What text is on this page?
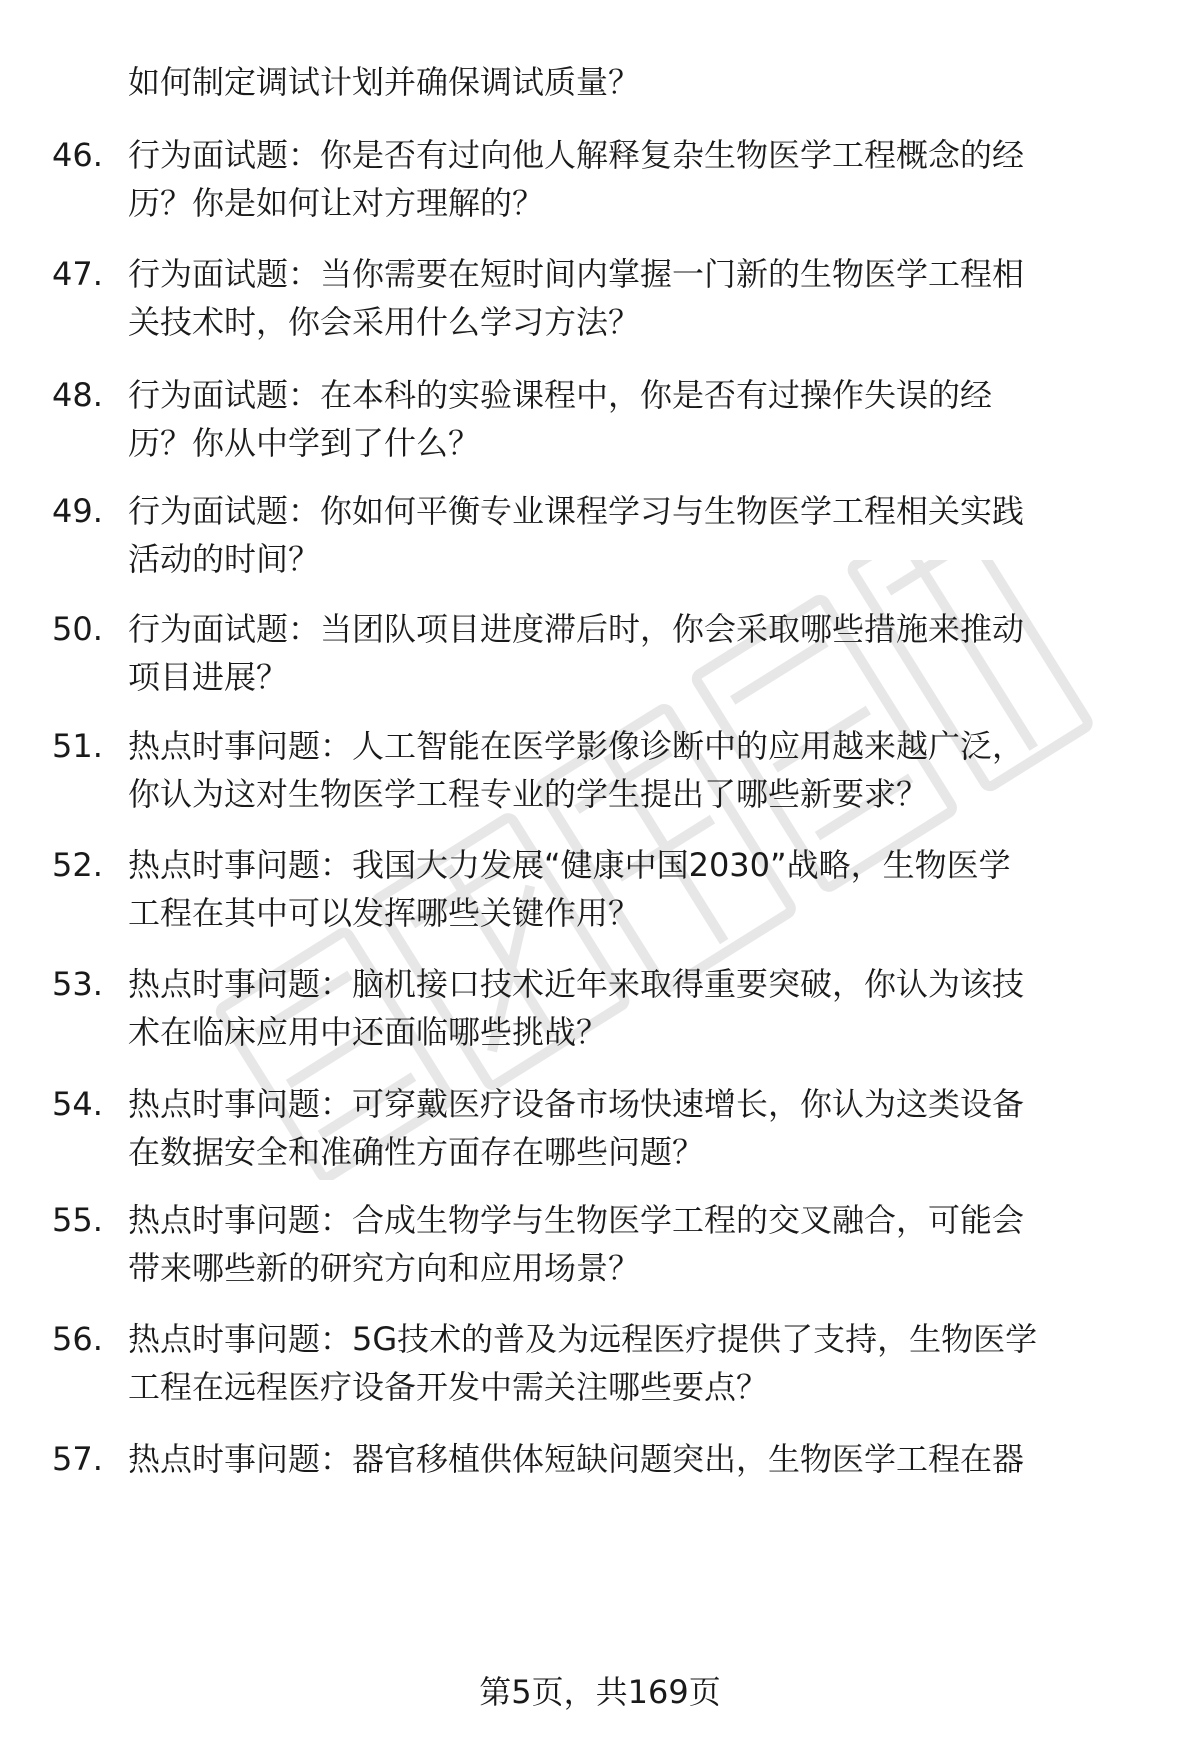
如何制定调试计划并确保调试质量？
46. 行为面试题：你是否有过向他人解释复杂生物医学工程概念的经
历？你是如何让对方理解的？
47. 行为面试题：当你需要在短时间内掌握一门新的生物医学工程相
关技术时，你会采用什么学习方法？
48. 行为面试题：在本科的实验课程中，你是否有过操作失误的经
历？你从中学到了什么？
49. 行为面试题：你如何平衡专业课程学习与生物医学工程相关实践
活动的时间？
50. 行为面试题：当团队项目进度滞后时，你会采取哪些措施来推动
项目进展？
51. 热点时事问题：人工智能在医学影像诊断中的应用越来越广泛，
你认为这对生物医学工程专业的学生提出了哪些新要求？
52. 热点时事问题：我国大力发展“健康中国2030”战略，生物医学
工程在其中可以发挥哪些关键作用？
53. 热点时事问题：脑机接口技术近年来取得重要突破，你认为该技
术在临床应用中还面临哪些挑战？
54. 热点时事问题：可穿戴医疗设备市场快速增长，你认为这类设备
在数据安全和准确性方面存在哪些问题？
55. 热点时事问题：合成生物学与生物医学工程的交叉融合，可能会
带来哪些新的研究方向和应用场景？
56. 热点时事问题：5G技术的普及为远程医疗提供了支持，生物医学
工程在远程医疗设备开发中需关注哪些要点？
57. 热点时事问题：器官移植供体短缺问题突出，生物医学工程在器
第5页，共169页
